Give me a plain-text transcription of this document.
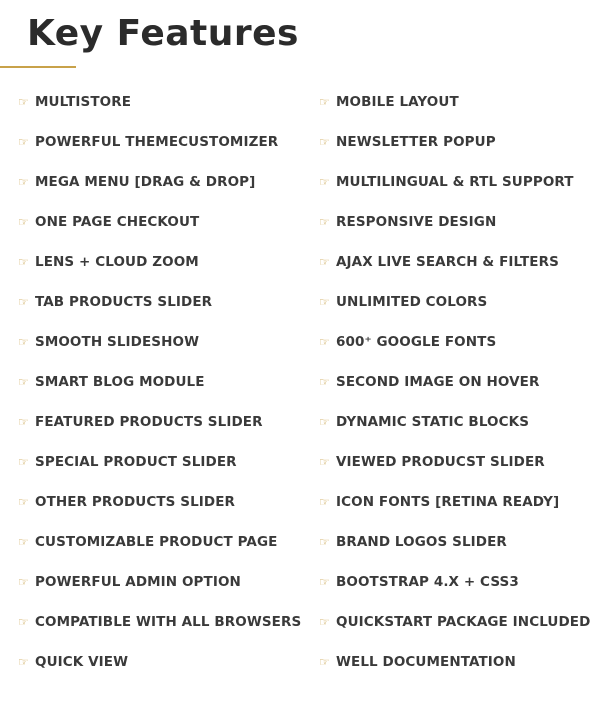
Key Features
☞ MULTISTORE
☞ POWERFUL THEMECUSTOMIZER
☞ MEGA MENU [DRAG & DROP]
☞ ONE PAGE CHECKOUT
☞ LENS + CLOUD ZOOM
☞ TAB PRODUCTS SLIDER
☞ SMOOTH SLIDESHOW
☞ SMART BLOG MODULE
☞ FEATURED PRODUCTS SLIDER
☞ SPECIAL PRODUCT SLIDER
☞ OTHER PRODUCTS SLIDER
☞ CUSTOMIZABLE PRODUCT PAGE
☞ POWERFUL ADMIN OPTION
☞ COMPATIBLE WITH ALL BROWSERS
☞ QUICK VIEW
☞ MOBILE LAYOUT
☞ NEWSLETTER POPUP
☞ MULTILINGUAL & RTL SUPPORT
☞ RESPONSIVE DESIGN
☞ AJAX LIVE SEARCH & FILTERS
☞ UNLIMITED COLORS
☞ 600⁺ GOOGLE FONTS
☞ SECOND IMAGE ON HOVER
☞ DYNAMIC STATIC BLOCKS
☞ VIEWED PRODUCST SLIDER
☞ ICON FONTS [RETINA READY]
☞ BRAND LOGOS SLIDER
☞ BOOTSTRAP 4.X + CSS3
☞ QUICKSTART PACKAGE INCLUDED
☞ WELL DOCUMENTATION
